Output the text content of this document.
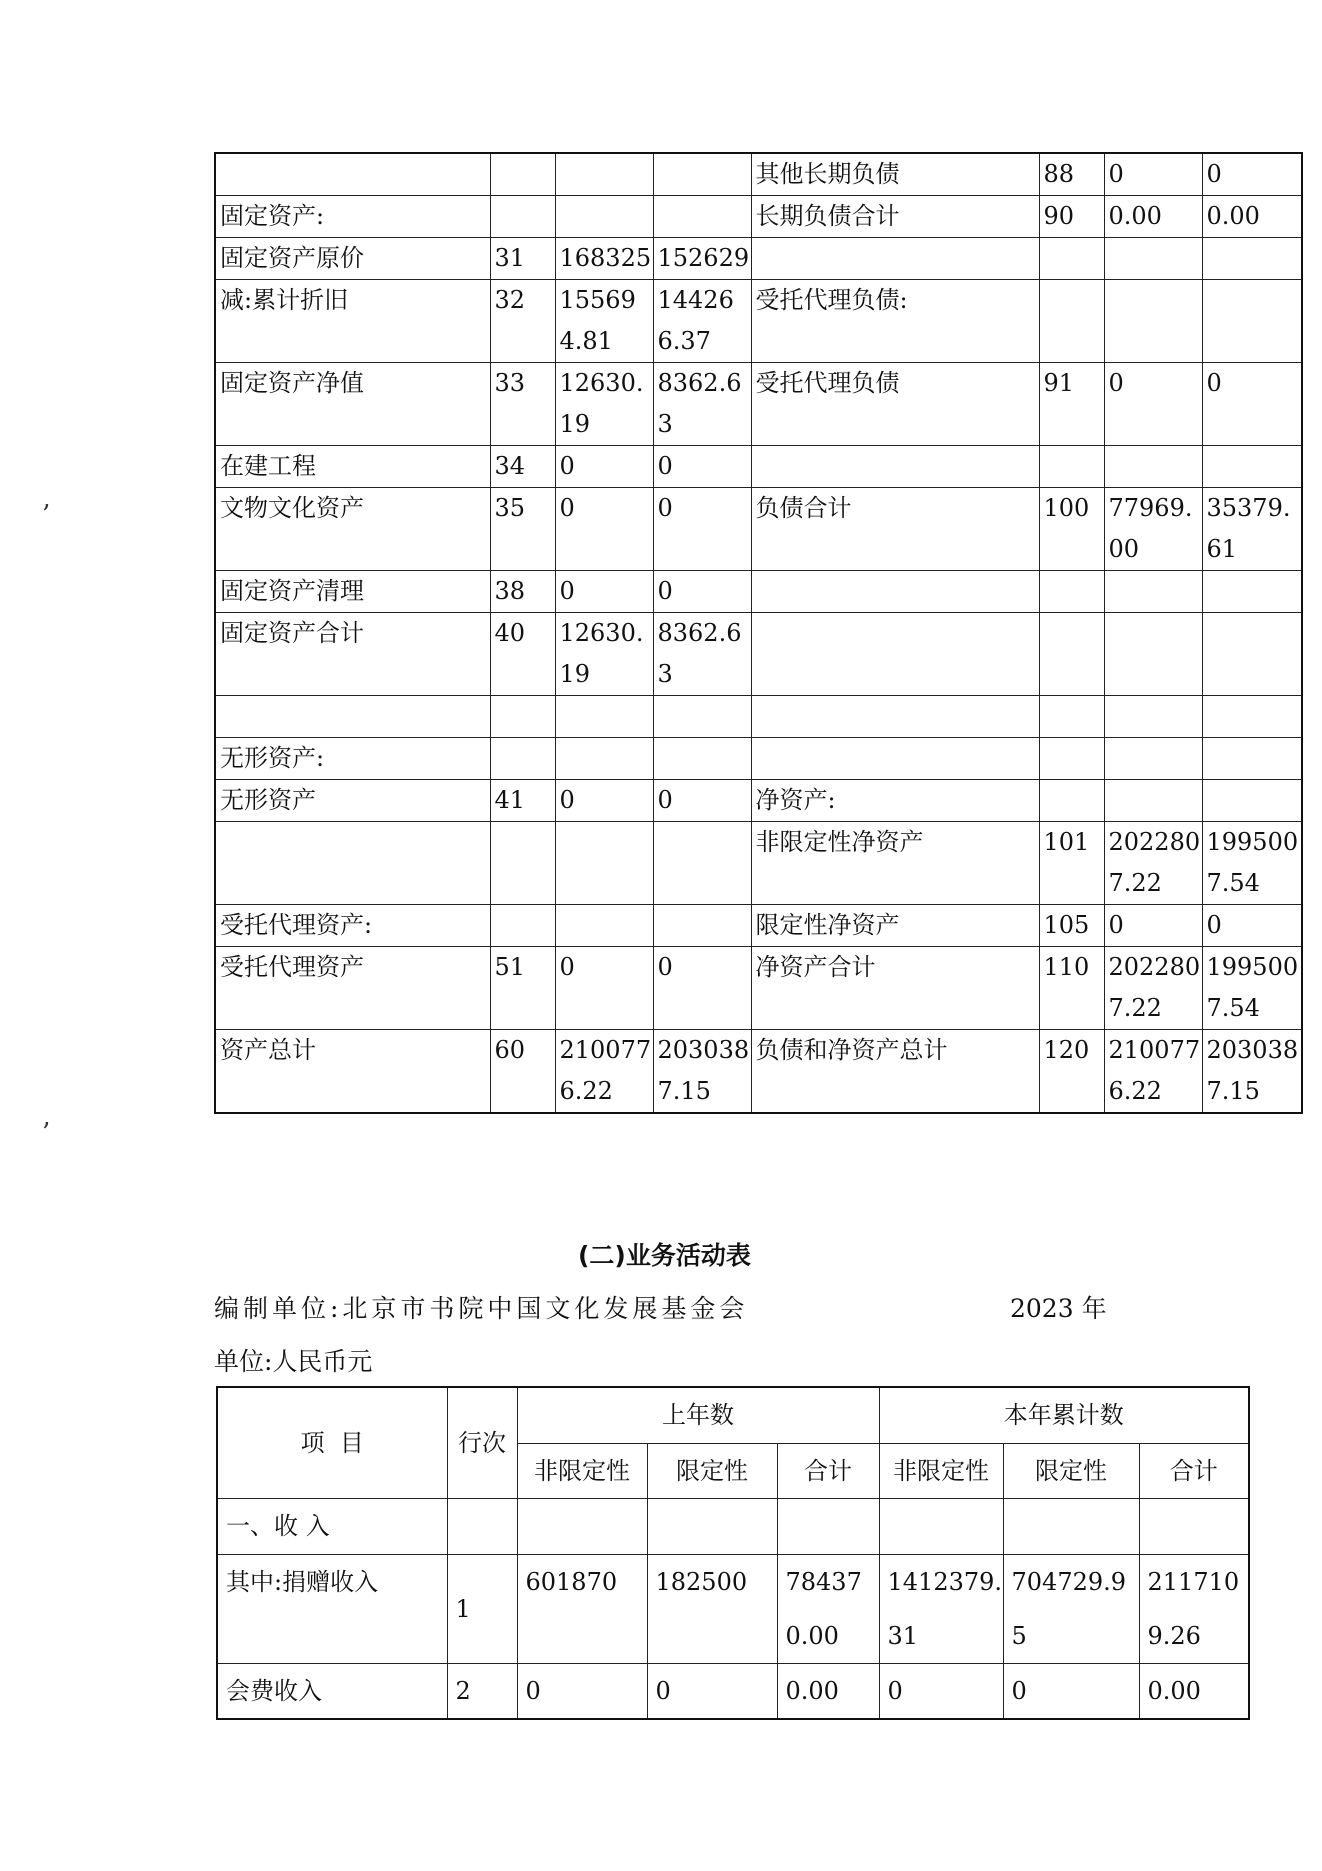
				其他长期负债	88	0	0
固定资产:				长期负债合计	90	0.00	0.00
固定资产原价	31	168325	152629				
减:累计折旧	32	155694.81	144266.37	受托代理负债:			
固定资产净值	33	12630.19	8362.63	受托代理负债	91	0	0
在建工程	34	0	0				
文物文化资产	35	0	0	负债合计	100	77969.00	35379.61
固定资产清理	38	0	0				
固定资产合计	40	12630.19	8362.63				

无形资产:							
无形资产	41	0	0	净资产:			
				非限定性净资产	101	2022807.22	1995007.54
受托代理资产:				限定性净资产	105	0	0
受托代理资产	51	0	0	净资产合计	110	2022807.22	1995007.54
资产总计	60	2100776.22	2030387.15	负债和净资产总计	120	2100776.22	2030387.15
(二)业务活动表
编制单位:北京市书院中国文化发展基金会	2023 年
单位:人民币元
项  目	行次	上年数			本年累计数		
		非限定性	限定性	合计	非限定性	限定性	合计
一、收 入							
其中:捐赠收入	1	601870	182500	784370.00	1412379.31	704729.95	2117109.26
会费收入	2	0	0	0.00	0	0	0.00
’
’
